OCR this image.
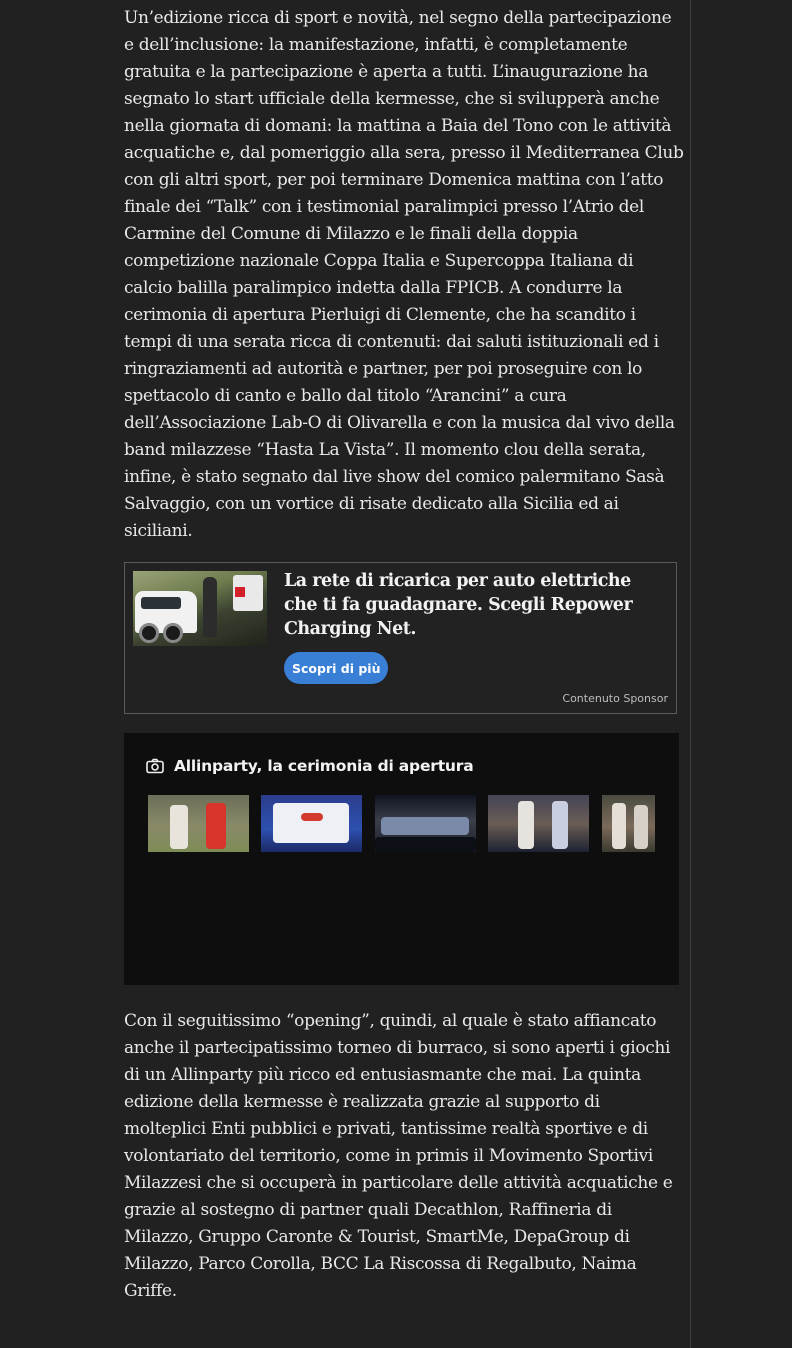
Un’edizione ricca di sport e novità, nel segno della partecipazione e dell’inclusione: la manifestazione, infatti, è completamente gratuita e la partecipazione è aperta a tutti. L’inaugurazione ha segnato lo start ufficiale della kermesse, che si svilupperà anche nella giornata di domani: la mattina a Baia del Tono con le attività acquatiche e, dal pomeriggio alla sera, presso il Mediterranea Club con gli altri sport, per poi terminare Domenica mattina con l’atto finale dei “Talk” con i testimonial paralimpici presso l’Atrio del Carmine del Comune di Milazzo e le finali della doppia competizione nazionale Coppa Italia e Supercoppa Italiana di calcio balilla paralimpico indetta dalla FPICB. A condurre la cerimonia di apertura Pierluigi di Clemente, che ha scandito i tempi di una serata ricca di contenuti: dai saluti istituzionali ed i ringraziamenti ad autorità e partner, per poi proseguire con lo spettacolo di canto e ballo dal titolo “Arancini” a cura dell’Associazione Lab-O di Olivarella e con la musica dal vivo della band milazzese “Hasta La Vista”. Il momento clou della serata, infine, è stato segnato dal live show del comico palermitano Sasà Salvaggio, con un vortice di risate dedicato alla Sicilia ed ai siciliani.

La rete di ricarica per auto elettriche che ti fa guadagnare. Scegli Repower Charging Net.

Scopri di più
Contenuto Sponsor
Allinparty, la cerimonia di apertura

Con il seguitissimo “opening”, quindi, al quale è stato affiancato anche il partecipatissimo torneo di burraco, si sono aperti i giochi di un Allinparty più ricco ed entusiasmante che mai. La quinta edizione della kermesse è realizzata grazie al supporto di molteplici Enti pubblici e privati, tantissime realtà sportive e di volontariato del territorio, come in primis il Movimento Sportivi Milazzesi che si occuperà in particolare delle attività acquatiche e grazie al sostegno di partner quali Decathlon, Raffineria di Milazzo, Gruppo Caronte & Tourist, SmartMe, DepaGroup di Milazzo, Parco Corolla, BCC La Riscossa di Regalbuto, Naima Griffe.
